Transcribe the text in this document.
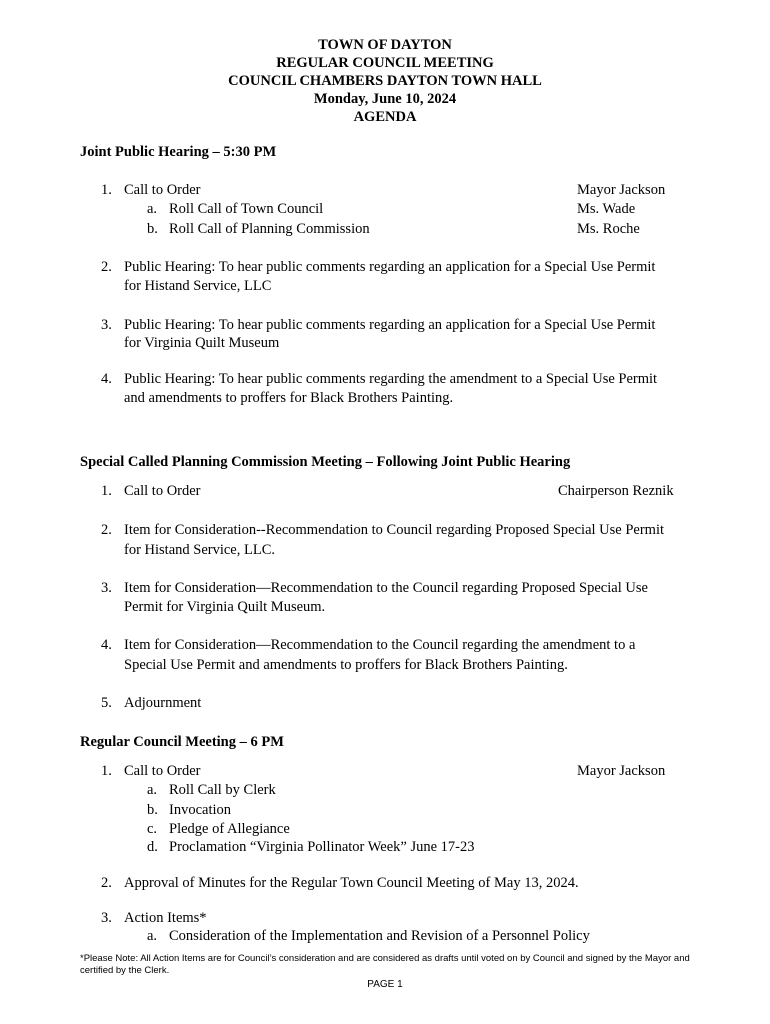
TOWN OF DAYTON
REGULAR COUNCIL MEETING
COUNCIL CHAMBERS DAYTON TOWN HALL
Monday, June 10, 2024
AGENDA
Joint Public Hearing – 5:30 PM
1. Call to Order	Mayor Jackson
a. Roll Call of Town Council	Ms. Wade
b. Roll Call of Planning Commission	Ms. Roche
2. Public Hearing: To hear public comments regarding an application for a Special Use Permit
for Histand Service, LLC
3. Public Hearing: To hear public comments regarding an application for a Special Use Permit
for Virginia Quilt Museum
4. Public Hearing: To hear public comments regarding the amendment to a Special Use Permit
and amendments to proffers for Black Brothers Painting.
Special Called Planning Commission Meeting – Following Joint Public Hearing
1. Call to Order	Chairperson Reznik
2. Item for Consideration--Recommendation to Council regarding Proposed Special Use Permit
for Histand Service, LLC.
3. Item for Consideration—Recommendation to the Council regarding Proposed Special Use
Permit for Virginia Quilt Museum.
4. Item for Consideration—Recommendation to the Council regarding the amendment to a
Special Use Permit and amendments to proffers for Black Brothers Painting.
5. Adjournment
Regular Council Meeting – 6 PM
1. Call to Order	Mayor Jackson
a. Roll Call by Clerk
b. Invocation
c. Pledge of Allegiance
d. Proclamation “Virginia Pollinator Week” June 17-23
2. Approval of Minutes for the Regular Town Council Meeting of May 13, 2024.
3. Action Items*
a. Consideration of the Implementation and Revision of a Personnel Policy
*Please Note: All Action Items are for Council’s consideration and are considered as drafts until voted on by Council and signed by the Mayor and certified by the Clerk.
PAGE 1
